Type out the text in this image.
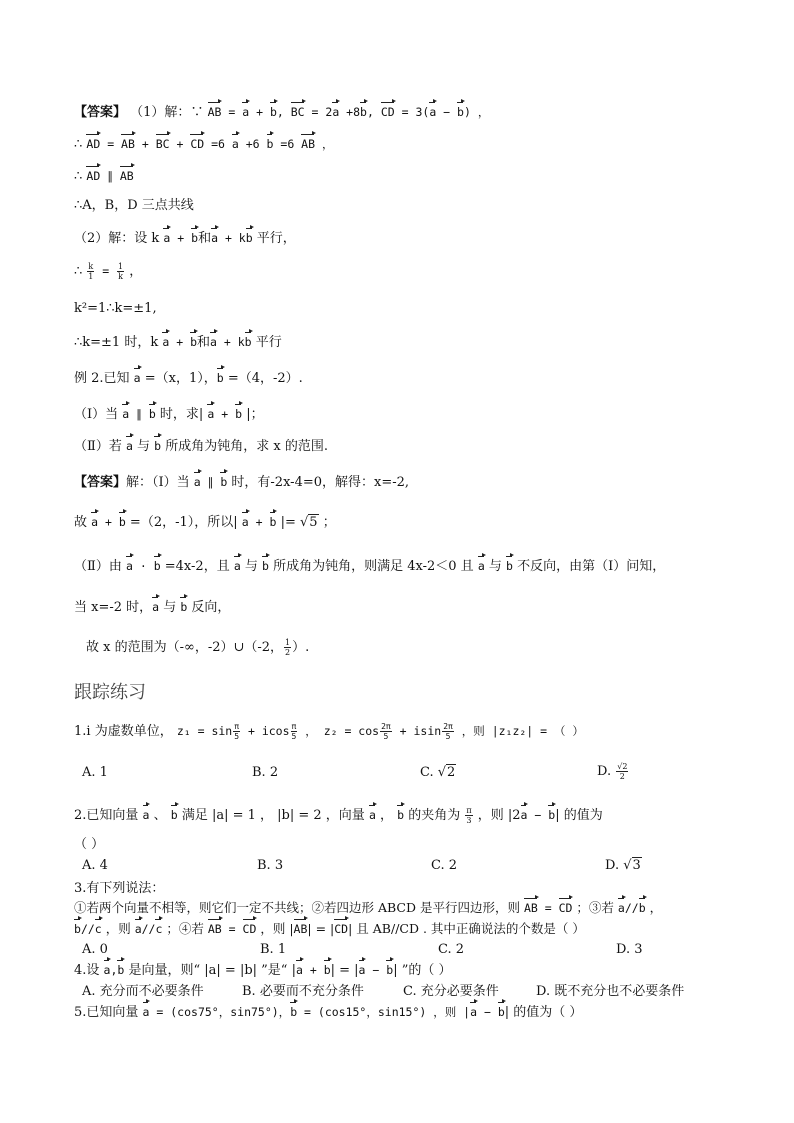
【答案】 （1）解：∵ AB = a + b, BC = 2a +8b, CD = 3(a − b) ，
∴ AD = AB + BC + CD =6 a +6 b =6 AB ，
∴ AD ∥ AB
∴A，B，D 三点共线
（2）解：设 k a + b和a + kb 平行，
∴ $\frac{k}{1} = \frac{1}{k}$ ，
k²=1∴k=±1,
∴k=±1 时，k a + b和a + kb 平行
例 2.已知 a =（x，1），b =（4，-2）.
（Ⅰ）当 a ∥ b 时，求| a + b |；
（Ⅱ）若 a 与 b 所成角为钝角，求 x 的范围.
【答案】解：（Ⅰ）当 a ∥ b 时，有-2x-4=0，解得：x=-2,
故 a + b =（2，-1），所以| a + b |= √5 ；
（Ⅱ）由 a · b =4x-2，且 a 与 b 所成角为钝角，则满足 4x-2＜0 且 a 与 b 不反向，由第（Ⅰ）问知，
当 x=-2 时，a 与 b 反向，
故 x 的范围为（-∞，-2）∪（-2， $\frac{1}{2}$ ）.
跟踪练习
1.i 为虚数单位， $z_1 = \sin \frac{\pi}{5} + icos \frac{\pi}{5}$ ， $z_2 = \cos \frac{2\pi}{5} + isin \frac{2\pi}{5}$ ，则 |z₁z₂| = （ ）
A. 1	B. 2	C. √2	D. $\frac{√2}{2}$
2.已知向量 a 、 b 满足 |a| = 1 ， |b| = 2 ，向量 a ， b 的夹角为 $\frac{\pi}{3}$ ，则 |2a − b| 的值为
（ ）
A. 4	B. 3	C. 2	D. √3
3.有下列说法：
①若两个向量不相等，则它们一定不共线；②若四边形 ABCD 是平行四边形，则 AB = CD ；③若 a//b ，
b//c ，则 a//c ；④若 AB = CD ，则 |AB| = |CD| 且 AB//CD . 其中正确说法的个数是（ ）
A. 0	B. 1	C. 2	D. 3
4.设 a,b 是向量，则“ |a| = |b| ”是“ |a + b| = |a − b| ”的（ ）
A. 充分而不必要条件	B. 必要而不充分条件	C. 充分必要条件	D. 既不充分也不必要条件
5.已知向量 a = (cos75°，sin75°)，b = (cos15°，sin15°) ，则 |a − b| 的值为（ ）
